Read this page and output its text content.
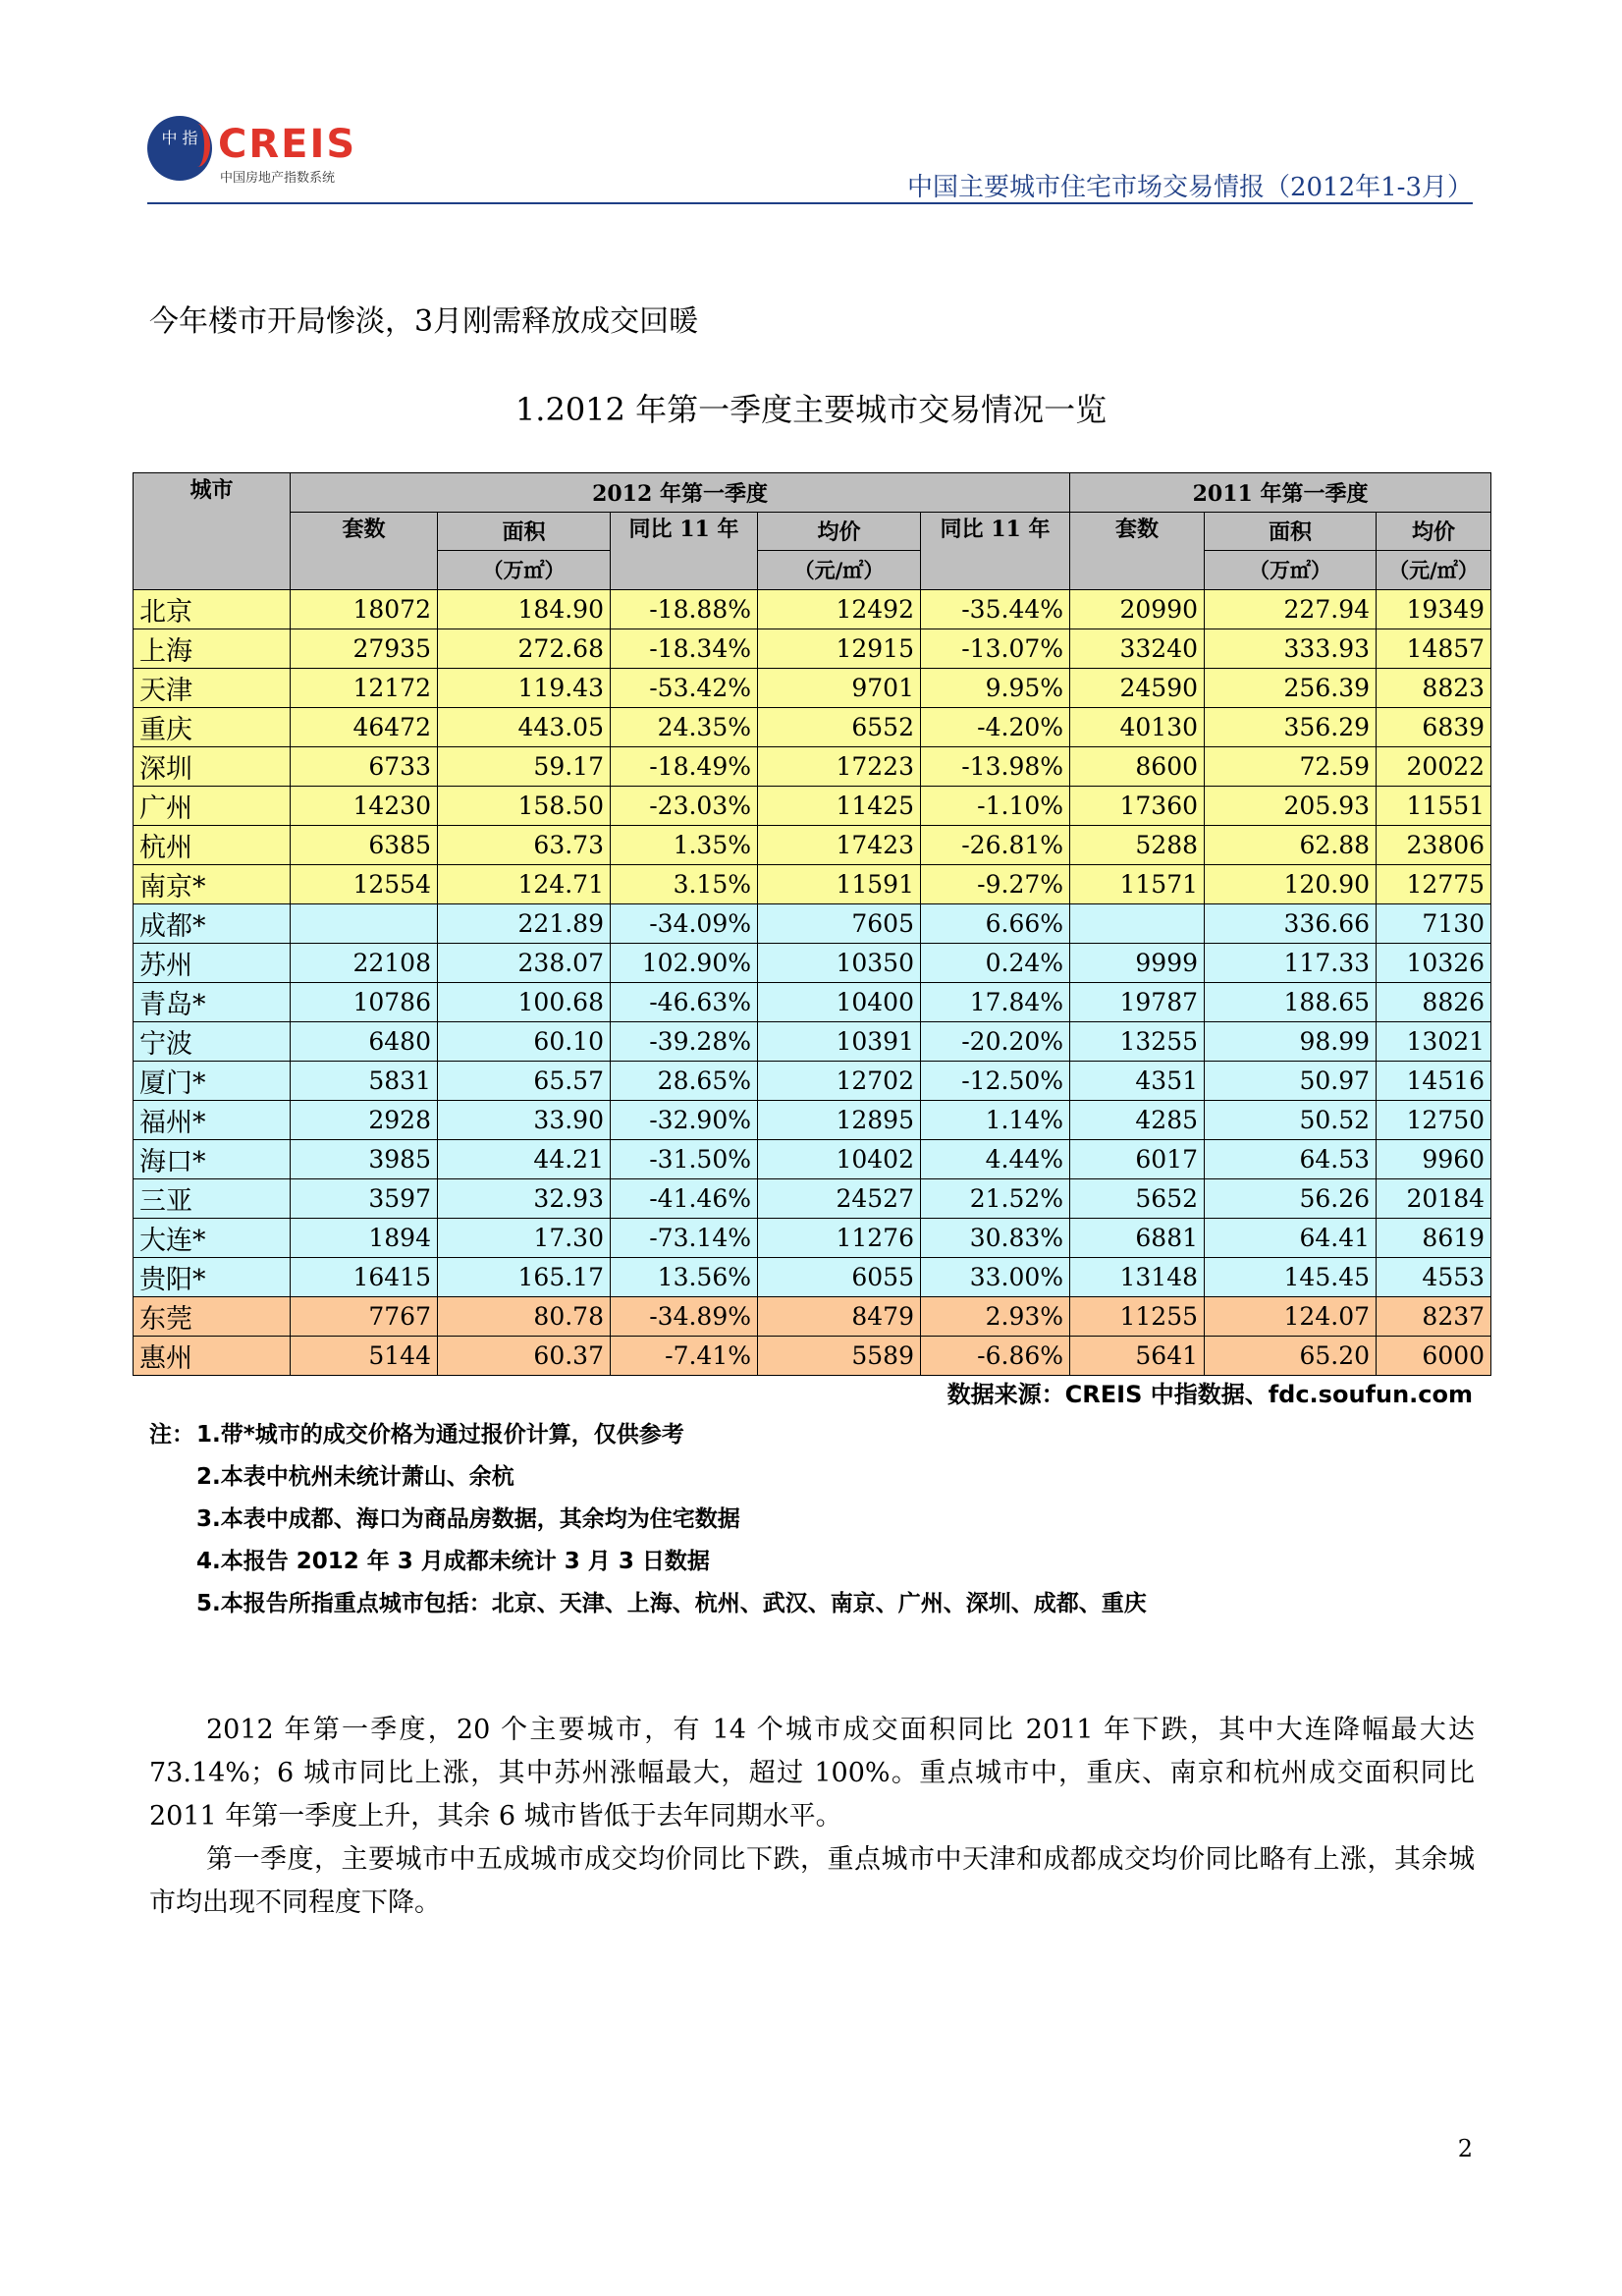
中 指 CREIS
中国房地产指数系统	中国主要城市住宅市场交易情报（2012年1-3月）
今年楼市开局惨淡，3月刚需释放成交回暖
1.2012 年第一季度主要城市交易情况一览
城市	2012 年第一季度					2011 年第一季度		
	套数	面积	同比 11 年	均价	同比 11 年	套数	面积	均价
		（万㎡）		（元/㎡）			（万㎡）	（元/㎡）
北京	18072	184.90	-18.88%	12492	-35.44%	20990	227.94	19349
上海	27935	272.68	-18.34%	12915	-13.07%	33240	333.93	14857
天津	12172	119.43	-53.42%	9701	9.95%	24590	256.39	8823
重庆	46472	443.05	24.35%	6552	-4.20%	40130	356.29	6839
深圳	6733	59.17	-18.49%	17223	-13.98%	8600	72.59	20022
广州	14230	158.50	-23.03%	11425	-1.10%	17360	205.93	11551
杭州	6385	63.73	1.35%	17423	-26.81%	5288	62.88	23806
南京*	12554	124.71	3.15%	11591	-9.27%	11571	120.90	12775
成都*		221.89	-34.09%	7605	6.66%		336.66	7130
苏州	22108	238.07	102.90%	10350	0.24%	9999	117.33	10326
青岛*	10786	100.68	-46.63%	10400	17.84%	19787	188.65	8826
宁波	6480	60.10	-39.28%	10391	-20.20%	13255	98.99	13021
厦门*	5831	65.57	28.65%	12702	-12.50%	4351	50.97	14516
福州*	2928	33.90	-32.90%	12895	1.14%	4285	50.52	12750
海口*	3985	44.21	-31.50%	10402	4.44%	6017	64.53	9960
三亚	3597	32.93	-41.46%	24527	21.52%	5652	56.26	20184
大连*	1894	17.30	-73.14%	11276	30.83%	6881	64.41	8619
贵阳*	16415	165.17	13.56%	6055	33.00%	13148	145.45	4553
东莞	7767	80.78	-34.89%	8479	2.93%	11255	124.07	8237
惠州	5144	60.37	-7.41%	5589	-6.86%	5641	65.20	6000
数据来源：CREIS 中指数据、fdc.soufun.com
注：1.带*城市的成交价格为通过报价计算，仅供参考
2.本表中杭州未统计萧山、余杭
3.本表中成都、海口为商品房数据，其余均为住宅数据
4.本报告 2012 年 3 月成都未统计 3 月 3 日数据
5.本报告所指重点城市包括：北京、天津、上海、杭州、武汉、南京、广州、深圳、成都、重庆

2012 年第一季度，20 个主要城市，有 14 个城市成交面积同比 2011 年下跌，其中大连降幅最大达 73.14%；6 城市同比上涨，其中苏州涨幅最大，超过 100%。重点城市中，重庆、南京和杭州成交面积同比 2011 年第一季度上升，其余 6 城市皆低于去年同期水平。

第一季度，主要城市中五成城市成交均价同比下跌，重点城市中天津和成都成交均价同比略有上涨，其余城市均出现不同程度下降。

2
